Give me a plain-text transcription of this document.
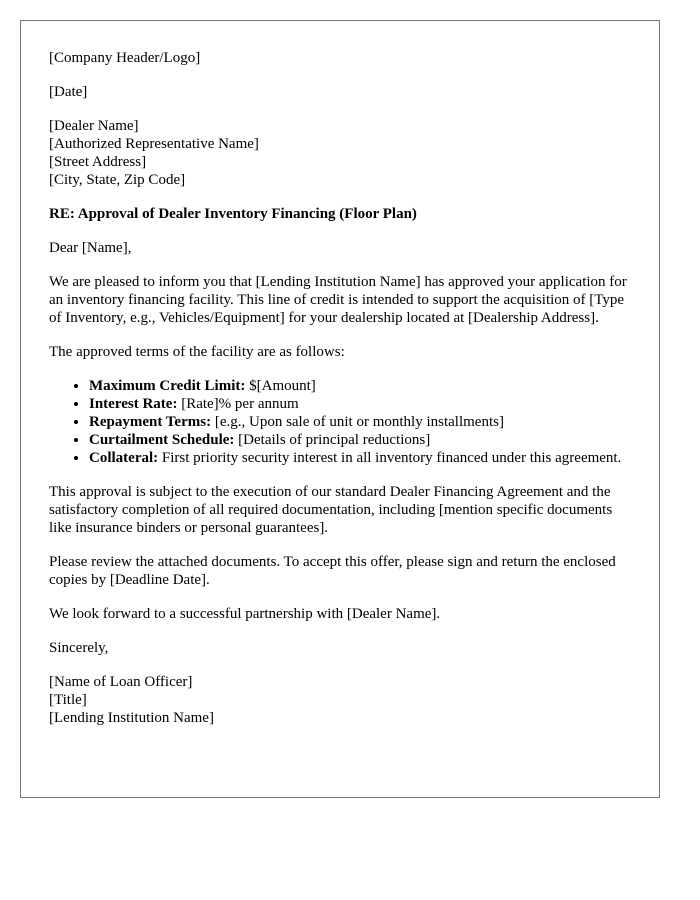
[Company Header/Logo]

[Date]

[Dealer Name]
[Authorized Representative Name]
[Street Address]
[City, State, Zip Code]

RE: Approval of Dealer Inventory Financing (Floor Plan)

Dear [Name],

We are pleased to inform you that [Lending Institution Name] has approved your application for an inventory financing facility. This line of credit is intended to support the acquisition of [Type of Inventory, e.g., Vehicles/Equipment] for your dealership located at [Dealership Address].

The approved terms of the facility are as follows:

• Maximum Credit Limit: $[Amount]
• Interest Rate: [Rate]% per annum
• Repayment Terms: [e.g., Upon sale of unit or monthly installments]
• Curtailment Schedule: [Details of principal reductions]
• Collateral: First priority security interest in all inventory financed under this agreement.

This approval is subject to the execution of our standard Dealer Financing Agreement and the satisfactory completion of all required documentation, including [mention specific documents like insurance binders or personal guarantees].

Please review the attached documents. To accept this offer, please sign and return the enclosed copies by [Deadline Date].

We look forward to a successful partnership with [Dealer Name].

Sincerely,

[Name of Loan Officer]
[Title]
[Lending Institution Name]
